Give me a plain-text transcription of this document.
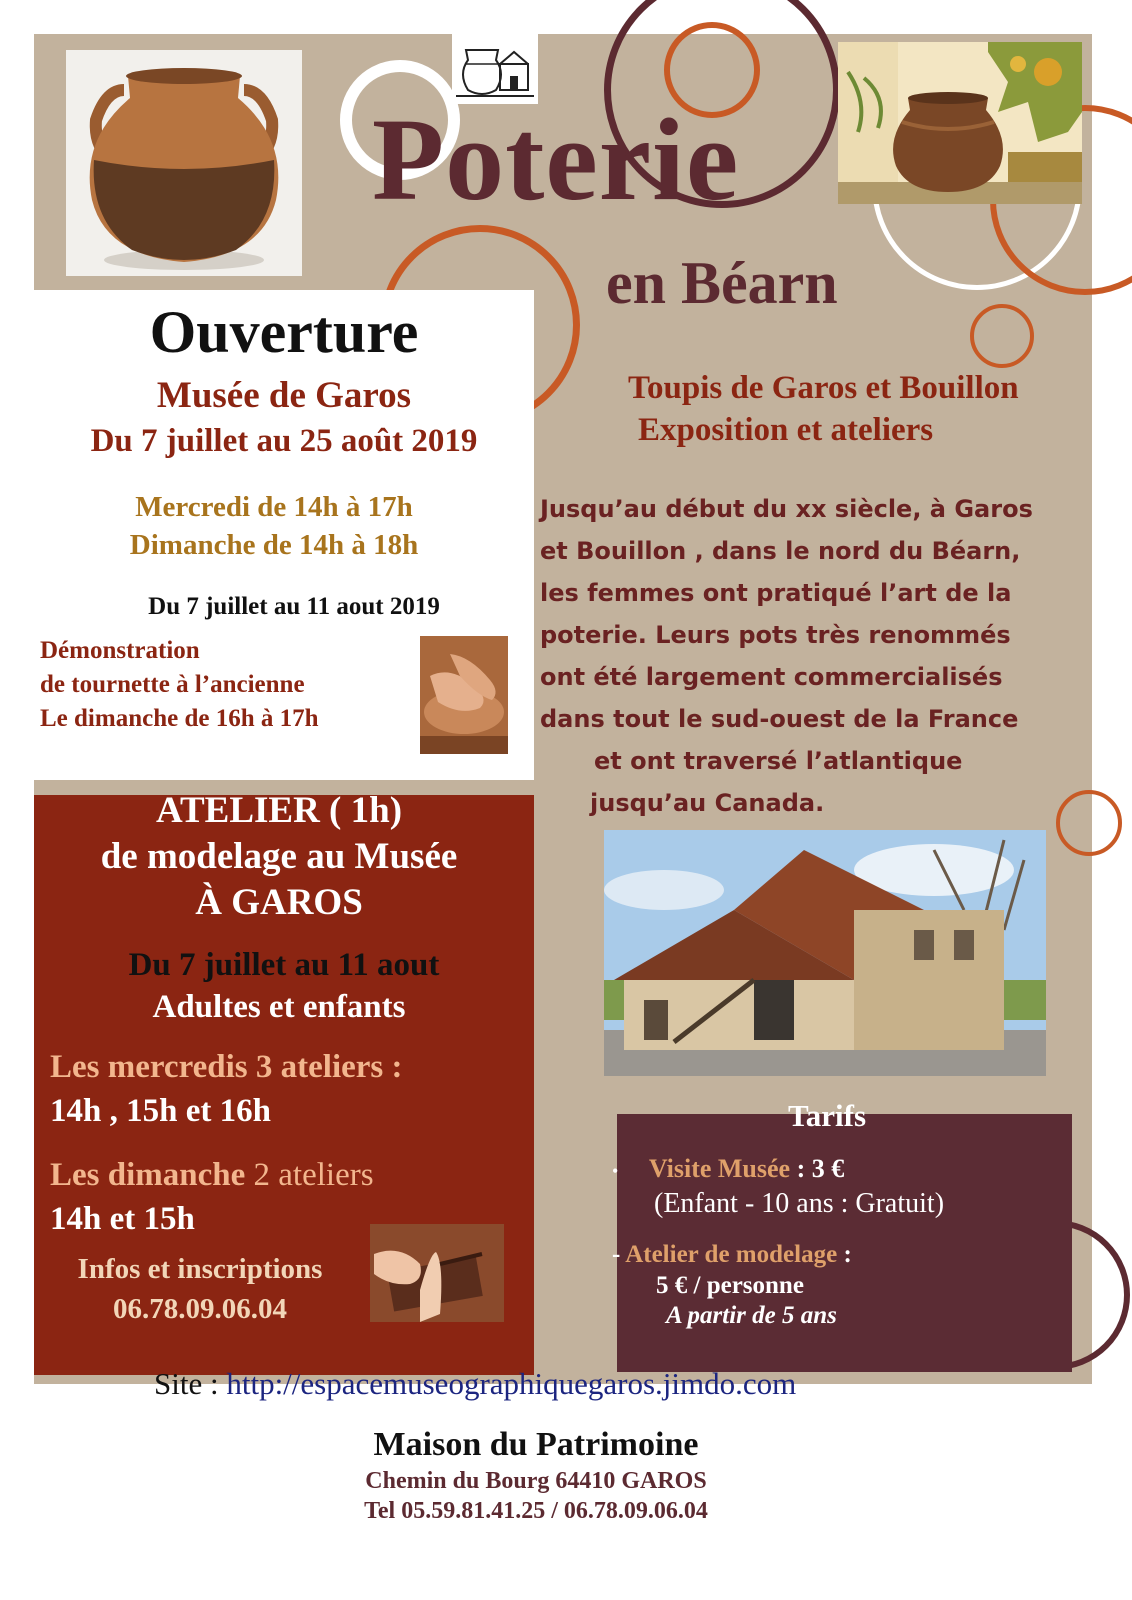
Poterie
en Béarn
Ouverture
Musée de Garos
Du 7 juillet au 25 août 2019
Mercredi de 14h à 17h
Dimanche de 14h à 18h
Du 7 juillet au 11 aout 2019
Démonstration
de tournette à l’ancienne
Le dimanche de 16h à 17h
ATELIER ( 1h)
de modelage au Musée
À GAROS
Du 7 juillet au 11 aout
Adultes et enfants
Les mercredis 3 ateliers :
14h , 15h et 16h
Les dimanche 2 ateliers
14h et 15h
Infos et inscriptions
06.78.09.06.04
Toupis de Garos et Bouillon
Exposition et ateliers
Jusqu’au début du xx siècle, à Garos
et Bouillon , dans le nord du Béarn,
les femmes ont pratiqué l’art de la
poterie. Leurs pots très renommés
ont été largement commercialisés
dans tout le sud-ouest de la France
et ont traversé l’atlantique
jusqu’au Canada.
Tarifs
• Visite Musée : 3 €
(Enfant - 10 ans : Gratuit)
- Atelier de modelage :
5 € / personne
A partir de 5 ans
Site : http://espacemuseographiquegaros.jimdo.com
Maison du Patrimoine
Chemin du Bourg 64410 GAROS
Tel 05.59.81.41.25 / 06.78.09.06.04
